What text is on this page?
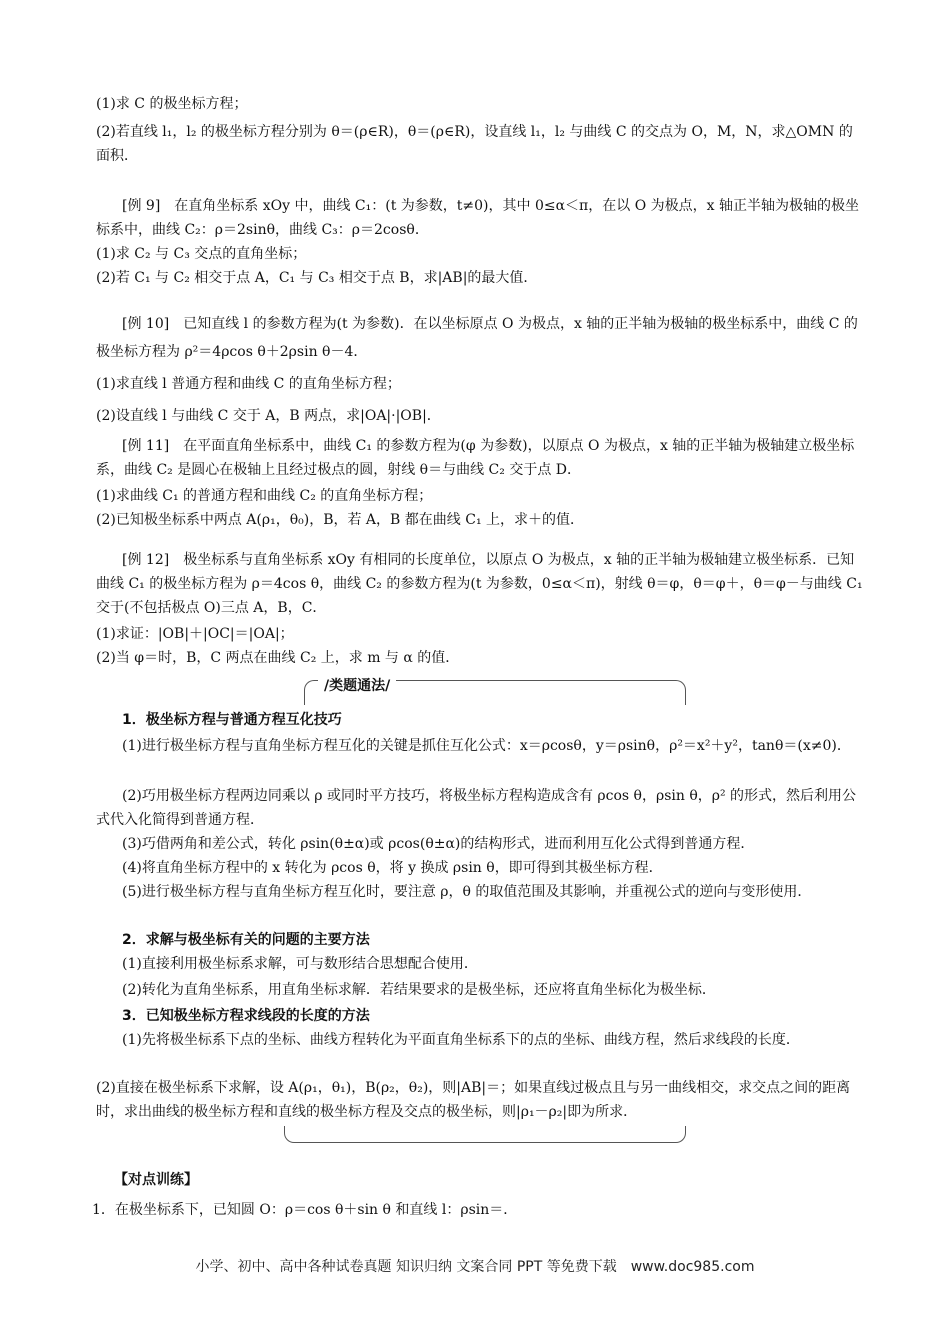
(1)求 C 的极坐标方程；
(2)若直线 l₁，l₂ 的极坐标方程分别为 θ＝(ρ∈R)，θ＝(ρ∈R)，设直线 l₁，l₂ 与曲线 C 的交点为 O，M，N，求△OMN 的面积．
[例 9]　在直角坐标系 xOy 中，曲线 C₁：(t 为参数，t≠0)，其中 0≤α＜π，在以 O 为极点，x 轴正半轴为极轴的极坐标系中，曲线 C₂：ρ＝2sinθ，曲线 C₃：ρ＝2cosθ．
(1)求 C₂ 与 C₃ 交点的直角坐标；
(2)若 C₁ 与 C₂ 相交于点 A，C₁ 与 C₃ 相交于点 B，求|AB|的最大值．
[例 10]　已知直线 l 的参数方程为(t 为参数)．在以坐标原点 O 为极点，x 轴的正半轴为极轴的极坐标系中，曲线 C 的极坐标方程为 ρ²＝4ρcos θ＋2ρsin θ－4．
(1)求直线 l 普通方程和曲线 C 的直角坐标方程；
(2)设直线 l 与曲线 C 交于 A，B 两点，求|OA|·|OB|．
[例 11]　在平面直角坐标系中，曲线 C₁ 的参数方程为(φ 为参数)，以原点 O 为极点，x 轴的正半轴为极轴建立极坐标系，曲线 C₂ 是圆心在极轴上且经过极点的圆，射线 θ＝与曲线 C₂ 交于点 D．
(1)求曲线 C₁ 的普通方程和曲线 C₂ 的直角坐标方程；
(2)已知极坐标系中两点 A(ρ₁，θ₀)，B，若 A，B 都在曲线 C₁ 上，求＋的值．
[例 12]　极坐标系与直角坐标系 xOy 有相同的长度单位，以原点 O 为极点，x 轴的正半轴为极轴建立极坐标系．已知曲线 C₁ 的极坐标方程为 ρ＝4cos θ，曲线 C₂ 的参数方程为(t 为参数，0≤α＜π)，射线 θ＝φ，θ＝φ＋，θ＝φ－与曲线 C₁ 交于(不包括极点 O)三点 A，B，C．
(1)求证：|OB|＋|OC|＝|OA|；
(2)当 φ＝时，B，C 两点在曲线 C₂ 上，求 m 与 α 的值．
/类题通法/
1．极坐标方程与普通方程互化技巧
(1)进行极坐标方程与直角坐标方程互化的关键是抓住互化公式：x＝ρcosθ，y＝ρsinθ，ρ²＝x²＋y²，tanθ＝(x≠0)．
(2)巧用极坐标方程两边同乘以 ρ 或同时平方技巧，将极坐标方程构造成含有 ρcos θ，ρsin θ，ρ² 的形式，然后利用公式代入化简得到普通方程．
(3)巧借两角和差公式，转化 ρsin(θ±α)或 ρcos(θ±α)的结构形式，进而利用互化公式得到普通方程．
(4)将直角坐标方程中的 x 转化为 ρcos θ，将 y 换成 ρsin θ，即可得到其极坐标方程．
(5)进行极坐标方程与直角坐标方程互化时，要注意 ρ，θ 的取值范围及其影响，并重视公式的逆向与变形使用．
2．求解与极坐标有关的问题的主要方法
(1)直接利用极坐标系求解，可与数形结合思想配合使用．
(2)转化为直角坐标系，用直角坐标求解．若结果要求的是极坐标，还应将直角坐标化为极坐标．
3．已知极坐标方程求线段的长度的方法
(1)先将极坐标系下点的坐标、曲线方程转化为平面直角坐标系下的点的坐标、曲线方程，然后求线段的长度．
(2)直接在极坐标系下求解，设 A(ρ₁，θ₁)，B(ρ₂，θ₂)，则|AB|＝；如果直线过极点且与另一曲线相交，求交点之间的距离时，求出曲线的极坐标方程和直线的极坐标方程及交点的极坐标，则|ρ₁－ρ₂|即为所求．
【对点训练】
1．在极坐标系下，已知圆 O：ρ＝cos θ＋sin θ 和直线 l：ρsin＝．
小学、初中、高中各种试卷真题 知识归纳 文案合同 PPT 等免费下载　www.doc985.com
